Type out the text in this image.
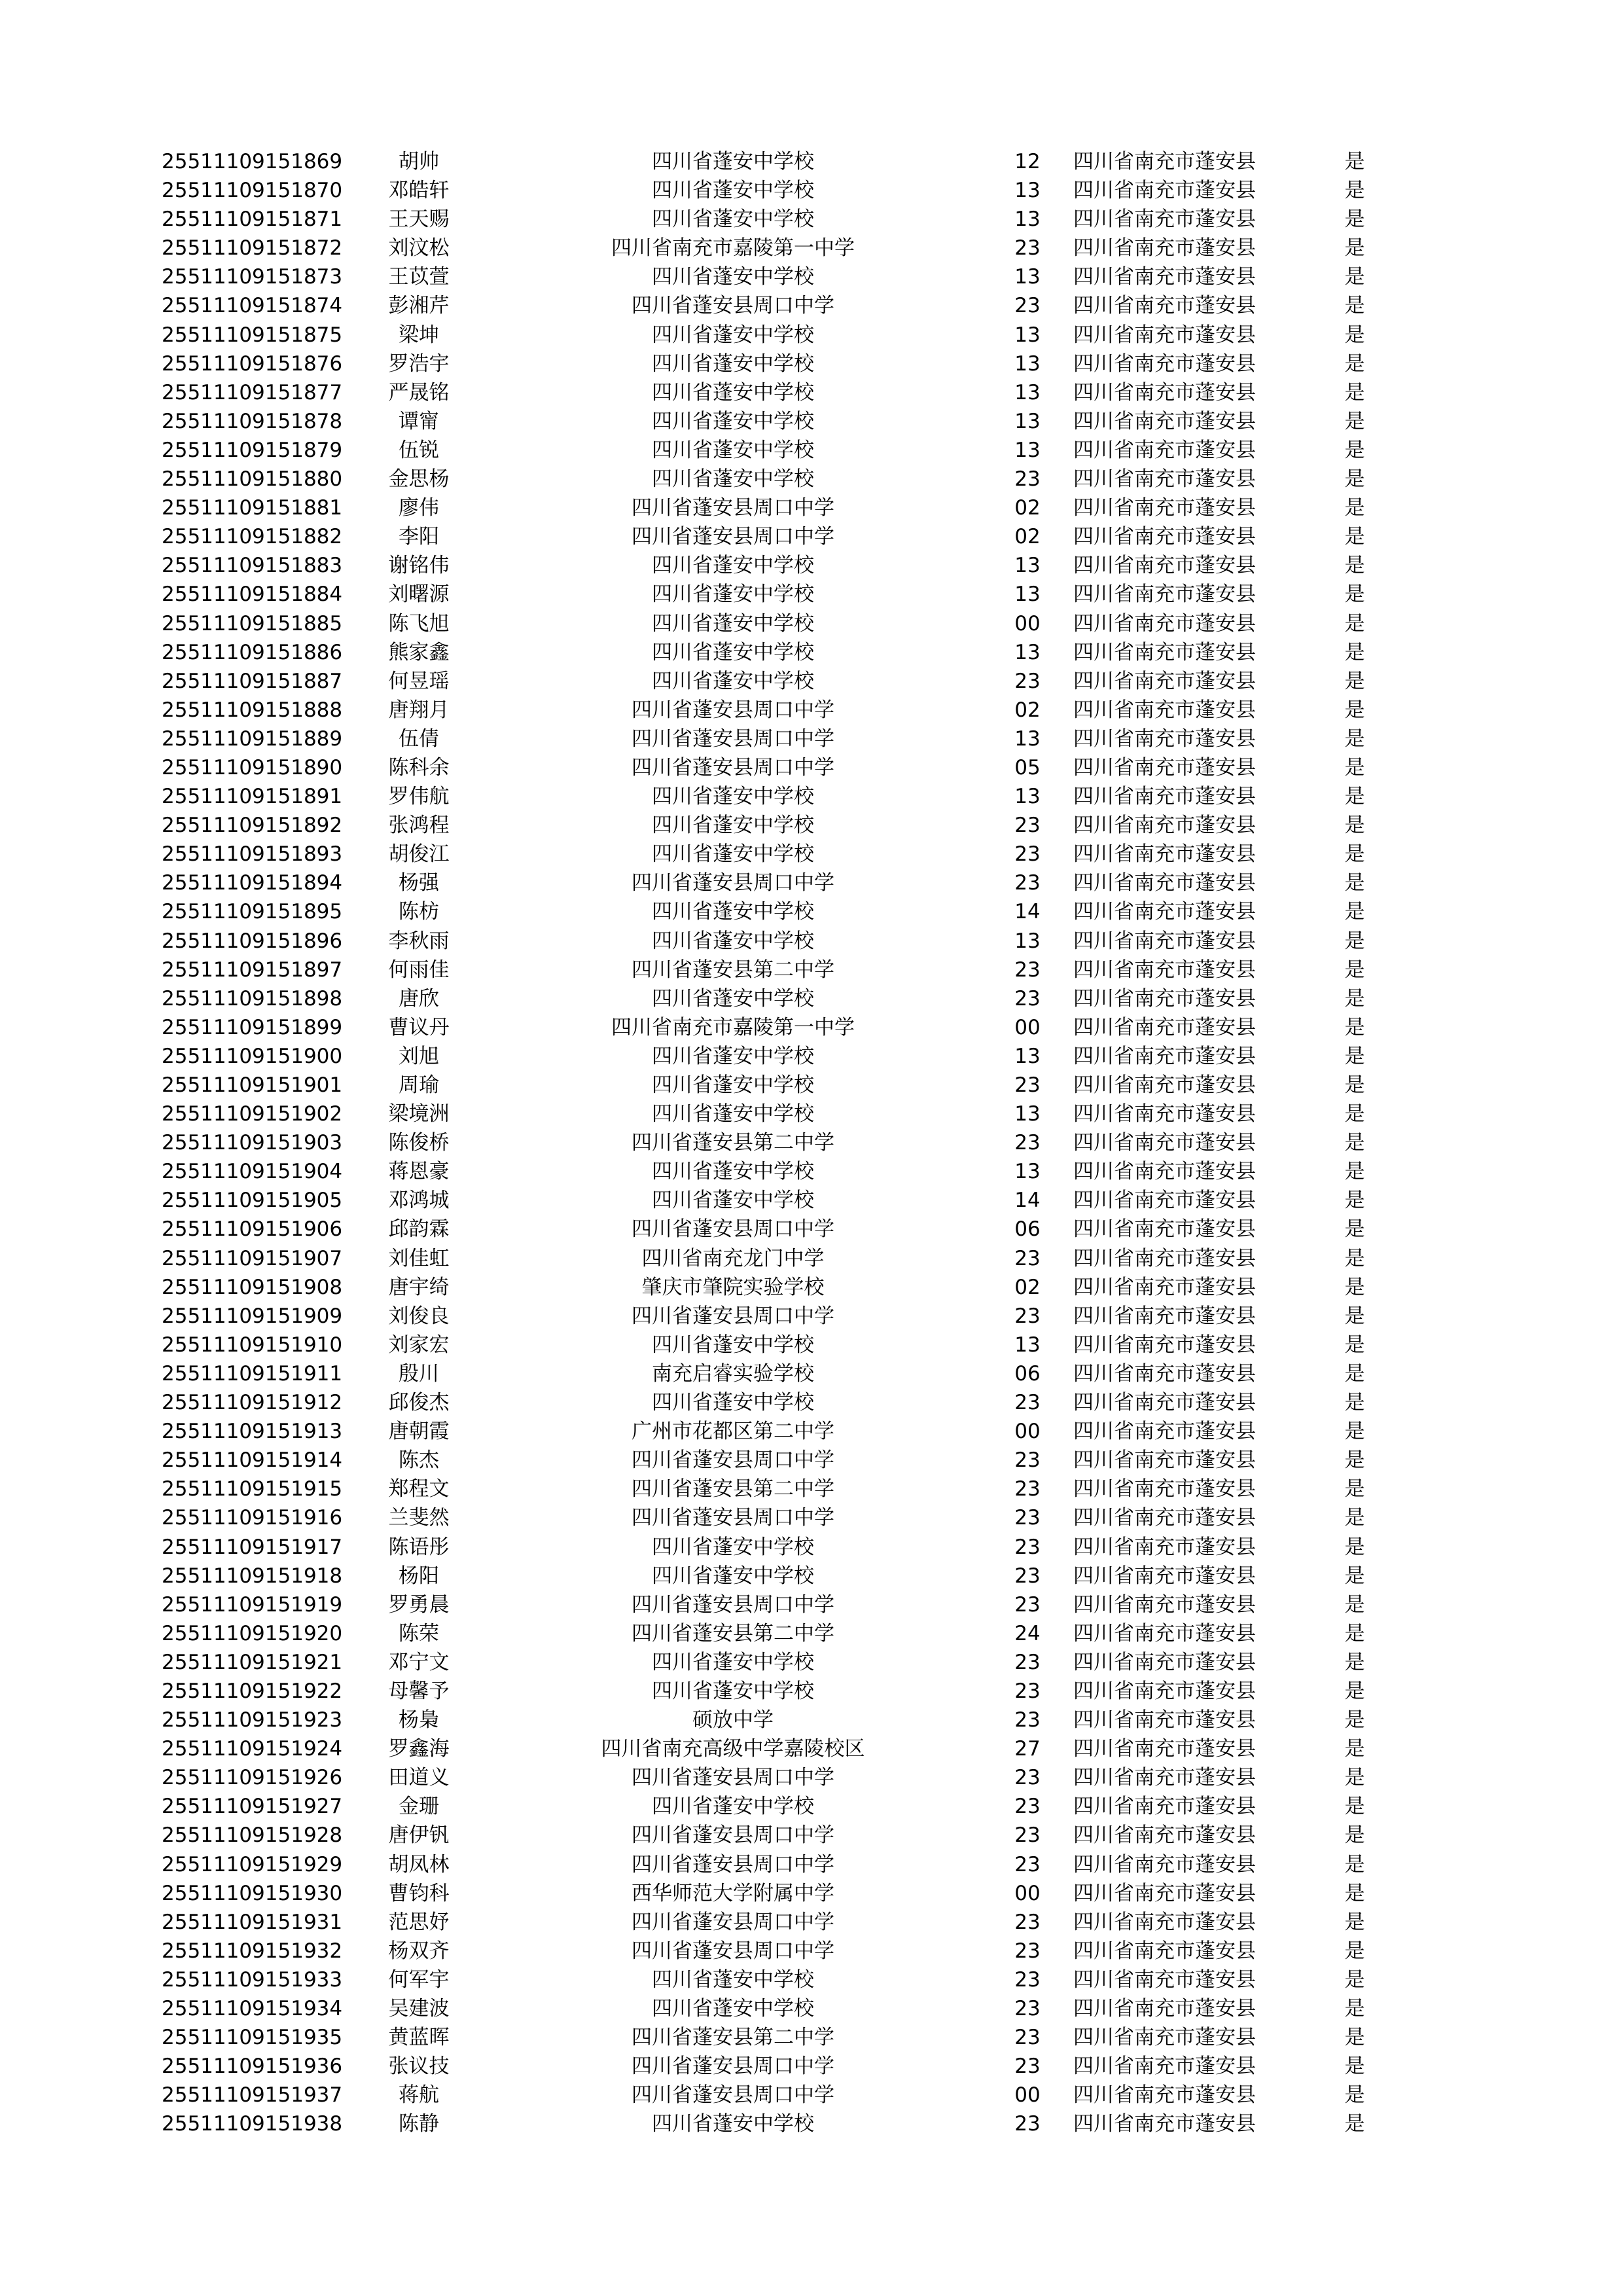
25511109151869	胡帅	四川省蓬安中学校	12	四川省南充市蓬安县	是
25511109151870	邓皓轩	四川省蓬安中学校	13	四川省南充市蓬安县	是
25511109151871	王天赐	四川省蓬安中学校	13	四川省南充市蓬安县	是
25511109151872	刘汶松	四川省南充市嘉陵第一中学	23	四川省南充市蓬安县	是
25511109151873	王苡萱	四川省蓬安中学校	13	四川省南充市蓬安县	是
25511109151874	彭湘芹	四川省蓬安县周口中学	23	四川省南充市蓬安县	是
25511109151875	梁坤	四川省蓬安中学校	13	四川省南充市蓬安县	是
25511109151876	罗浩宇	四川省蓬安中学校	13	四川省南充市蓬安县	是
25511109151877	严晟铭	四川省蓬安中学校	13	四川省南充市蓬安县	是
25511109151878	谭甯	四川省蓬安中学校	13	四川省南充市蓬安县	是
25511109151879	伍锐	四川省蓬安中学校	13	四川省南充市蓬安县	是
25511109151880	金思杨	四川省蓬安中学校	23	四川省南充市蓬安县	是
25511109151881	廖伟	四川省蓬安县周口中学	02	四川省南充市蓬安县	是
25511109151882	李阳	四川省蓬安县周口中学	02	四川省南充市蓬安县	是
25511109151883	谢铭伟	四川省蓬安中学校	13	四川省南充市蓬安县	是
25511109151884	刘曙源	四川省蓬安中学校	13	四川省南充市蓬安县	是
25511109151885	陈飞旭	四川省蓬安中学校	00	四川省南充市蓬安县	是
25511109151886	熊家鑫	四川省蓬安中学校	13	四川省南充市蓬安县	是
25511109151887	何昱瑶	四川省蓬安中学校	23	四川省南充市蓬安县	是
25511109151888	唐翔月	四川省蓬安县周口中学	02	四川省南充市蓬安县	是
25511109151889	伍倩	四川省蓬安县周口中学	13	四川省南充市蓬安县	是
25511109151890	陈科余	四川省蓬安县周口中学	05	四川省南充市蓬安县	是
25511109151891	罗伟航	四川省蓬安中学校	13	四川省南充市蓬安县	是
25511109151892	张鸿程	四川省蓬安中学校	23	四川省南充市蓬安县	是
25511109151893	胡俊江	四川省蓬安中学校	23	四川省南充市蓬安县	是
25511109151894	杨强	四川省蓬安县周口中学	23	四川省南充市蓬安县	是
25511109151895	陈枋	四川省蓬安中学校	14	四川省南充市蓬安县	是
25511109151896	李秋雨	四川省蓬安中学校	13	四川省南充市蓬安县	是
25511109151897	何雨佳	四川省蓬安县第二中学	23	四川省南充市蓬安县	是
25511109151898	唐欣	四川省蓬安中学校	23	四川省南充市蓬安县	是
25511109151899	曹议丹	四川省南充市嘉陵第一中学	00	四川省南充市蓬安县	是
25511109151900	刘旭	四川省蓬安中学校	13	四川省南充市蓬安县	是
25511109151901	周瑜	四川省蓬安中学校	23	四川省南充市蓬安县	是
25511109151902	梁境洲	四川省蓬安中学校	13	四川省南充市蓬安县	是
25511109151903	陈俊桥	四川省蓬安县第二中学	23	四川省南充市蓬安县	是
25511109151904	蒋恩豪	四川省蓬安中学校	13	四川省南充市蓬安县	是
25511109151905	邓鸿城	四川省蓬安中学校	14	四川省南充市蓬安县	是
25511109151906	邱韵霖	四川省蓬安县周口中学	06	四川省南充市蓬安县	是
25511109151907	刘佳虹	四川省南充龙门中学	23	四川省南充市蓬安县	是
25511109151908	唐宇绮	肇庆市肇院实验学校	02	四川省南充市蓬安县	是
25511109151909	刘俊良	四川省蓬安县周口中学	23	四川省南充市蓬安县	是
25511109151910	刘家宏	四川省蓬安中学校	13	四川省南充市蓬安县	是
25511109151911	殷川	南充启睿实验学校	06	四川省南充市蓬安县	是
25511109151912	邱俊杰	四川省蓬安中学校	23	四川省南充市蓬安县	是
25511109151913	唐朝霞	广州市花都区第二中学	00	四川省南充市蓬安县	是
25511109151914	陈杰	四川省蓬安县周口中学	23	四川省南充市蓬安县	是
25511109151915	郑程文	四川省蓬安县第二中学	23	四川省南充市蓬安县	是
25511109151916	兰斐然	四川省蓬安县周口中学	23	四川省南充市蓬安县	是
25511109151917	陈语彤	四川省蓬安中学校	23	四川省南充市蓬安县	是
25511109151918	杨阳	四川省蓬安中学校	23	四川省南充市蓬安县	是
25511109151919	罗勇晨	四川省蓬安县周口中学	23	四川省南充市蓬安县	是
25511109151920	陈荣	四川省蓬安县第二中学	24	四川省南充市蓬安县	是
25511109151921	邓宁文	四川省蓬安中学校	23	四川省南充市蓬安县	是
25511109151922	母馨予	四川省蓬安中学校	23	四川省南充市蓬安县	是
25511109151923	杨梟	硕放中学	23	四川省南充市蓬安县	是
25511109151924	罗鑫海	四川省南充高级中学嘉陵校区	27	四川省南充市蓬安县	是
25511109151926	田道义	四川省蓬安县周口中学	23	四川省南充市蓬安县	是
25511109151927	金珊	四川省蓬安中学校	23	四川省南充市蓬安县	是
25511109151928	唐伊钒	四川省蓬安县周口中学	23	四川省南充市蓬安县	是
25511109151929	胡凤林	四川省蓬安县周口中学	23	四川省南充市蓬安县	是
25511109151930	曹钧科	西华师范大学附属中学	00	四川省南充市蓬安县	是
25511109151931	范思妤	四川省蓬安县周口中学	23	四川省南充市蓬安县	是
25511109151932	杨双齐	四川省蓬安县周口中学	23	四川省南充市蓬安县	是
25511109151933	何军宇	四川省蓬安中学校	23	四川省南充市蓬安县	是
25511109151934	吴建波	四川省蓬安中学校	23	四川省南充市蓬安县	是
25511109151935	黄蓝晖	四川省蓬安县第二中学	23	四川省南充市蓬安县	是
25511109151936	张议技	四川省蓬安县周口中学	23	四川省南充市蓬安县	是
25511109151937	蒋航	四川省蓬安县周口中学	00	四川省南充市蓬安县	是
25511109151938	陈静	四川省蓬安中学校	23	四川省南充市蓬安县	是
